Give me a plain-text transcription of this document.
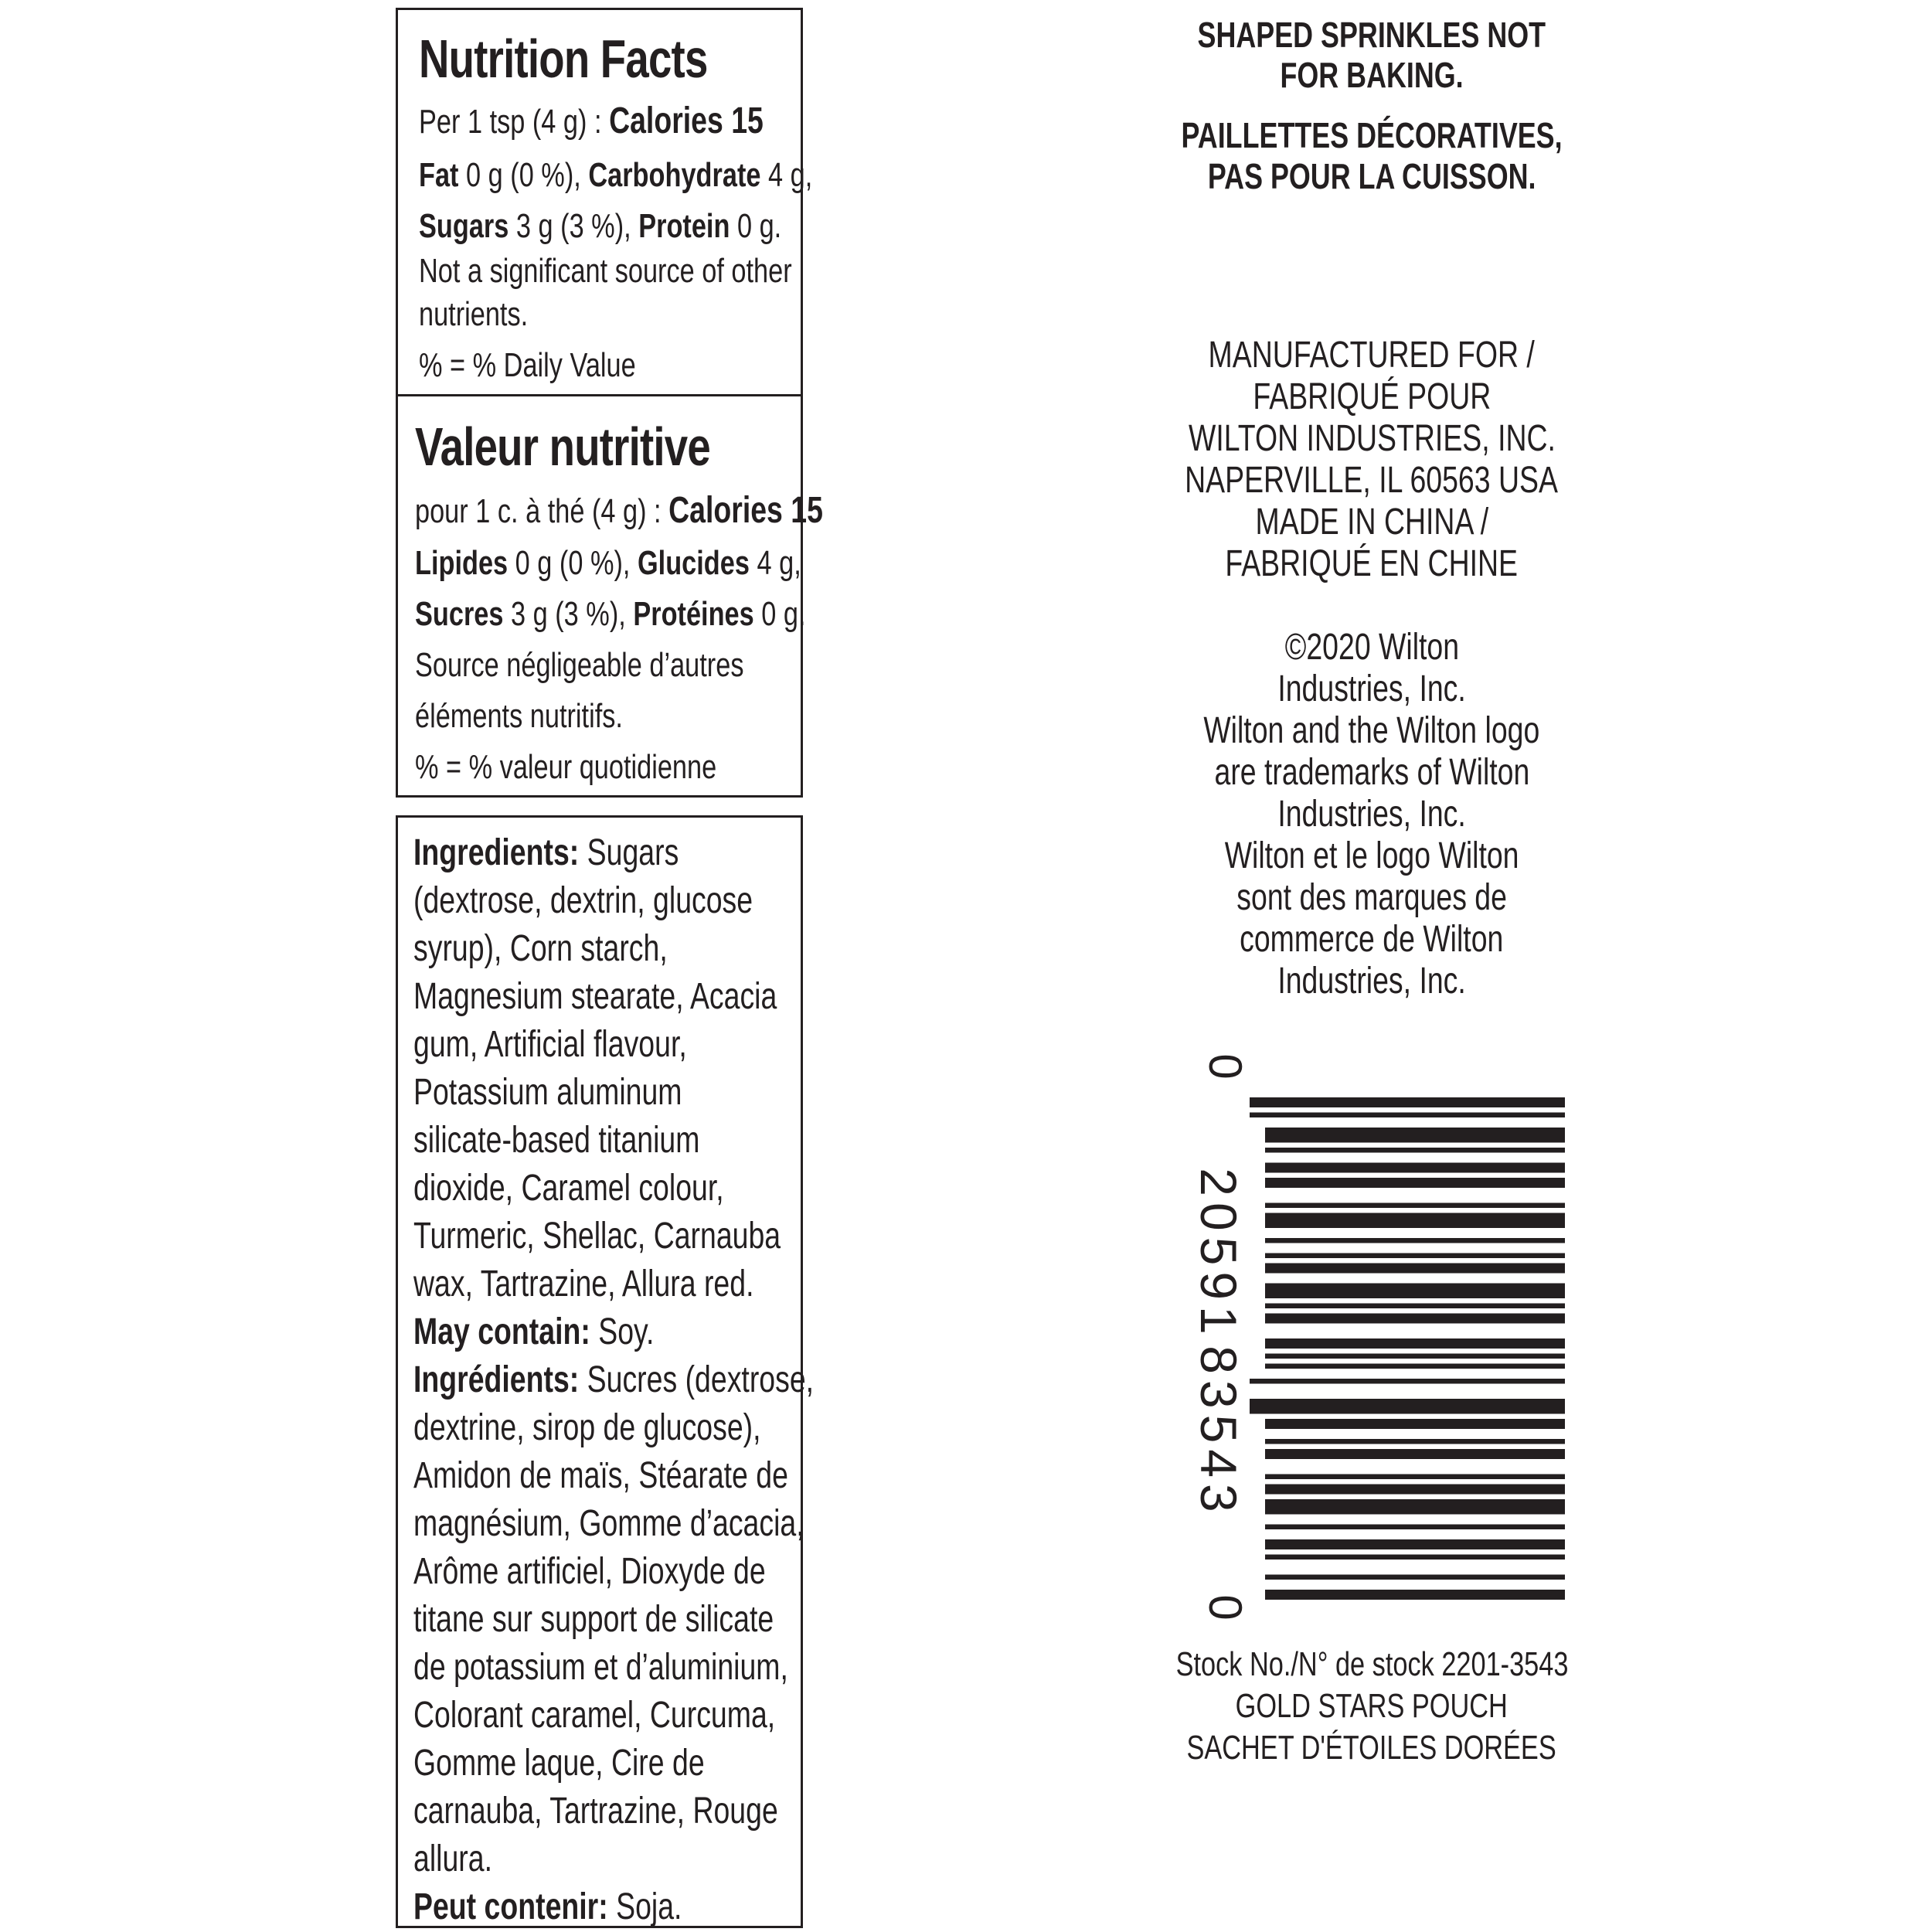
Nutrition Facts
Per 1 tsp (4 g) : Calories 15
Fat 0 g (0 %), Carbohydrate 4 g,
Sugars 3 g (3 %), Protein 0 g.
Not a significant source of other
nutrients.
% = % Daily Value
Valeur nutritive
pour 1 c. à thé (4 g) : Calories 15
Lipides 0 g (0 %), Glucides 4 g,
Sucres 3 g (3 %), Protéines 0 g.
Source négligeable d’autres
éléments nutritifs.
% = % valeur quotidienne
Ingredients: Sugars
(dextrose, dextrin, glucose
syrup), Corn starch,
Magnesium stearate, Acacia
gum, Artificial flavour,
Potassium aluminum
silicate-based titanium
dioxide, Caramel colour,
Turmeric, Shellac, Carnauba
wax, Tartrazine, Allura red.
May contain: Soy.
Ingrédients: Sucres (dextrose,
dextrine, sirop de glucose),
Amidon de maïs, Stéarate de
magnésium, Gomme d’acacia,
Arôme artificiel, Dioxyde de
titane sur support de silicate
de potassium et d’aluminium,
Colorant caramel, Curcuma,
Gomme laque, Cire de
carnauba, Tartrazine, Rouge
allura.
Peut contenir: Soja.
SHAPED SPRINKLES NOT
FOR BAKING.
PAILLETTES DÉCORATIVES,
PAS POUR LA CUISSON.
MANUFACTURED FOR /
FABRIQUÉ POUR
WILTON INDUSTRIES, INC.
NAPERVILLE, IL 60563 USA
MADE IN CHINA /
FABRIQUÉ EN CHINE
©2020 Wilton
Industries, Inc.
Wilton and the Wilton logo
are trademarks of Wilton
Industries, Inc.
Wilton et le logo Wilton
sont des marques de
commerce de Wilton
Industries, Inc.
Stock No./N° de stock 2201-3543
GOLD STARS POUCH
SACHET D'ÉTOILES DORÉES
0
0
20591
83543
